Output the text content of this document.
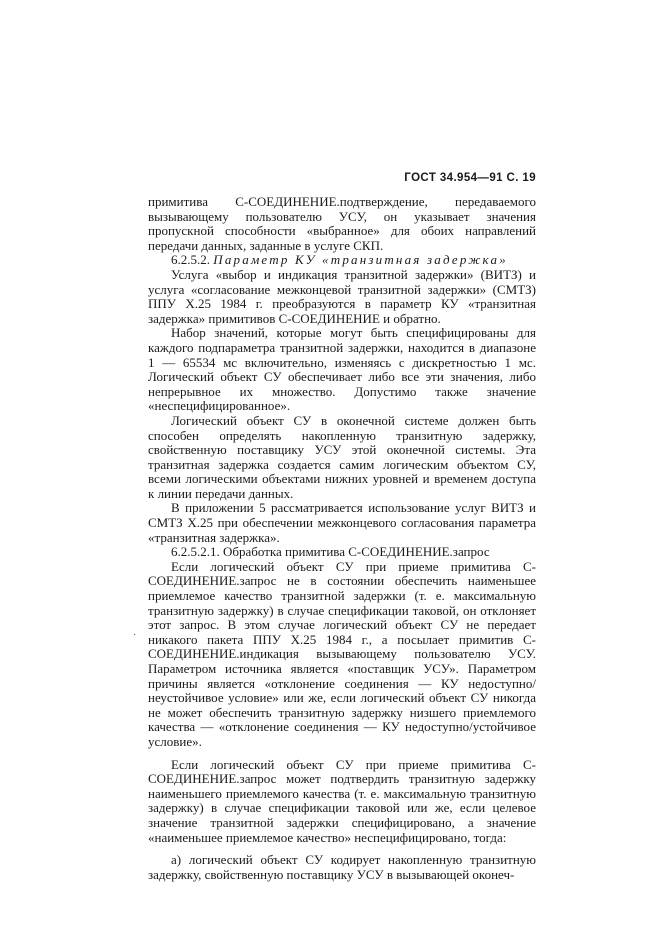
ГОСТ 34.954—91 С. 19
·

примитива С-СОЕДИНЕНИЕ.подтверждение, передаваемого вызывающему пользователю УСУ, он указывает значения пропускной способности «выбранное» для обоих направлений передачи данных, заданные в услуге СКП.

6.2.5.2. Параметр КУ «транзитная задержка»

Услуга «выбор и индикация транзитной задержки» (ВИТЗ) и услуга «согласование межконцевой транзитной задержки» (СМТЗ) ППУ Х.25 1984 г. преобразуются в параметр КУ «транзитная задержка» примитивов С-СОЕДИНЕНИЕ и обратно.

Набор значений, которые могут быть специфицированы для каждого подпараметра транзитной задержки, находится в диапазоне 1 — 65534 мс включительно, изменяясь с дискретностью 1 мс. Логический объект СУ обеспечивает либо все эти значения, либо непрерывное их множество. Допустимо также значение «неспецифицированное».

Логический объект СУ в оконечной системе должен быть способен определять накопленную транзитную задержку, свойственную поставщику УСУ этой оконечной системы. Эта транзитная задержка создается самим логическим объектом СУ, всеми логическими объектами нижних уровней и временем доступа к линии передачи данных.

В приложении 5 рассматривается использование услуг ВИТЗ и СМТЗ Х.25 при обеспечении межконцевого согласования параметра «транзитная задержка».

6.2.5.2.1. Обработка примитива С-СОЕДИНЕНИЕ.запрос

Если логический объект СУ при приеме примитива С-СОЕДИНЕНИЕ.запрос не в состоянии обеспечить наименьшее приемлемое качество транзитной задержки (т. е. максимальную транзитную задержку) в случае спецификации таковой, он отклоняет этот запрос. В этом случае логический объект СУ не передает никакого пакета ППУ Х.25 1984 г., а посылает примитив С-СОЕДИНЕНИЕ.индикация вызывающему пользователю УСУ. Параметром источника является «поставщик УСУ». Параметром причины является «отклонение соединения — КУ недоступно/неустойчивое условие» или же, если логический объект СУ никогда не может обеспечить транзитную задержку низшего приемлемого качества — «отклонение соединения — КУ недоступно/устойчивое условие».

Если логический объект СУ при приеме примитива С-СОЕДИНЕНИЕ.запрос может подтвердить транзитную задержку наименьшего приемлемого качества (т. е. максимальную транзитную задержку) в случае спецификации таковой или же, если целевое значение транзитной задержки специфицировано, а значение «наименьшее приемлемое качество» неспецифицировано, тогда:

а) логический объект СУ кодирует накопленную транзитную задержку, свойственную поставщику УСУ в вызывающей оконеч-
